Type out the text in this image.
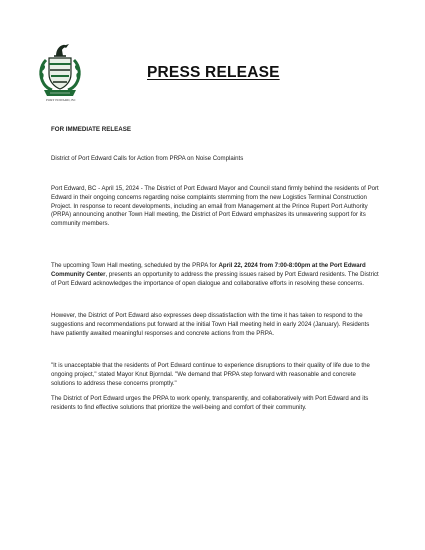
PORT EDWARD, BC
PRESS RELEASE
FOR IMMEDIATE RELEASE
District of Port Edward Calls for Action from PRPA on Noise Complaints
Port Edward, BC - April 15, 2024 - The District of Port Edward Mayor and Council stand firmly behind the residents of Port Edward in their ongoing concerns regarding noise complaints stemming from the new Logistics Terminal Construction Project. In response to recent developments, including an email from Management at the Prince Rupert Port Authority (PRPA) announcing another Town Hall meeting, the District of Port Edward emphasizes its unwavering support for its community members.
The upcoming Town Hall meeting, scheduled by the PRPA for April 22, 2024 from 7:00-8:00pm at the Port Edward Community Center, presents an opportunity to address the pressing issues raised by Port Edward residents. The District of Port Edward acknowledges the importance of open dialogue and collaborative efforts in resolving these concerns.
However, the District of Port Edward also expresses deep dissatisfaction with the time it has taken to respond to the suggestions and recommendations put forward at the initial Town Hall meeting held in early 2024 (January). Residents have patiently awaited meaningful responses and concrete actions from the PRPA.
"It is unacceptable that the residents of Port Edward continue to experience disruptions to their quality of life due to the ongoing project," stated Mayor Knut Bjorndal. "We demand that PRPA step forward with reasonable and concrete solutions to address these concerns promptly."
The District of Port Edward urges the PRPA to work openly, transparently, and collaboratively with Port Edward and its residents to find effective solutions that prioritize the well-being and comfort of their community.
